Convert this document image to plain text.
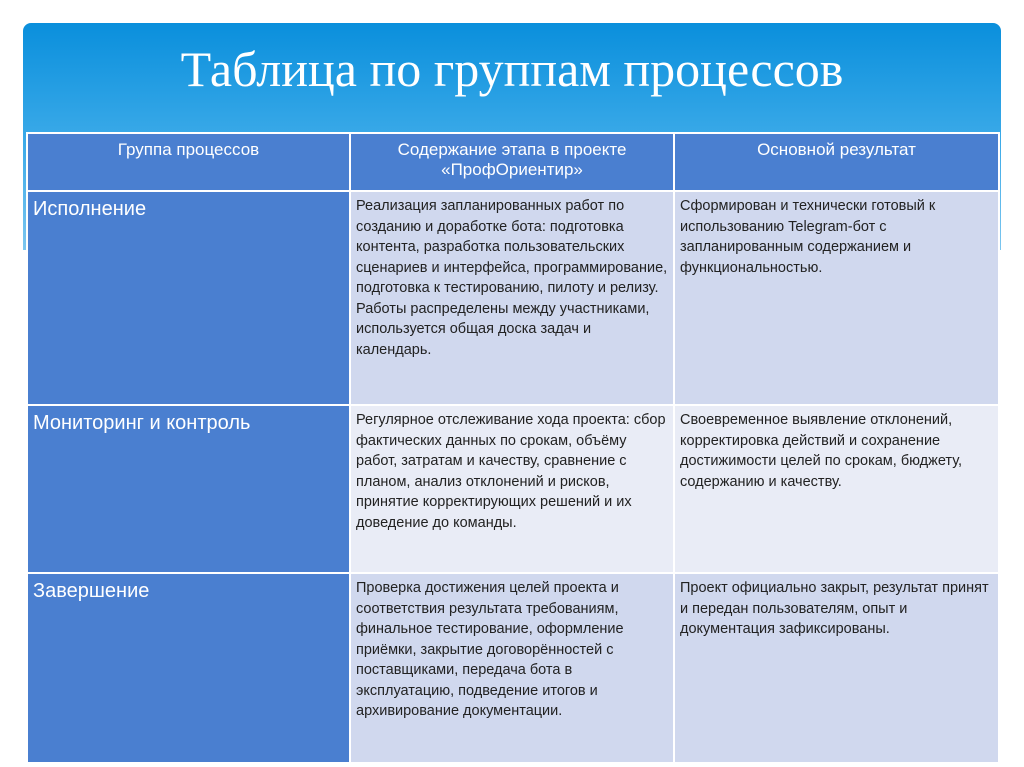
Таблица по группам процессов
Группа процессов	Содержание этапа в проекте «ПрофОриентир»	Основной результат
Исполнение	Реализация запланированных работ по созданию и доработке бота: подготовка контента, разработка пользовательских сценариев и интерфейса, программирование, подготовка к тестированию, пилоту и релизу. Работы распределены между участниками, используется общая доска задач и календарь.	Сформирован и технически готовый к использованию Telegram-бот с запланированным содержанием и функциональностью.
Мониторинг и контроль	Регулярное отслеживание хода проекта: сбор фактических данных по срокам, объёму работ, затратам и качеству, сравнение с планом, анализ отклонений и рисков, принятие корректирующих решений и их доведение до команды.	Своевременное выявление отклонений, корректировка действий и сохранение достижимости целей по срокам, бюджету, содержанию и качеству.
Завершение	Проверка достижения целей проекта и соответствия результата требованиям, финальное тестирование, оформление приёмки, закрытие договорённостей с поставщиками, передача бота в эксплуатацию, подведение итогов и архивирование документации.	Проект официально закрыт, результат принят и передан пользователям, опыт и документация зафиксированы.
